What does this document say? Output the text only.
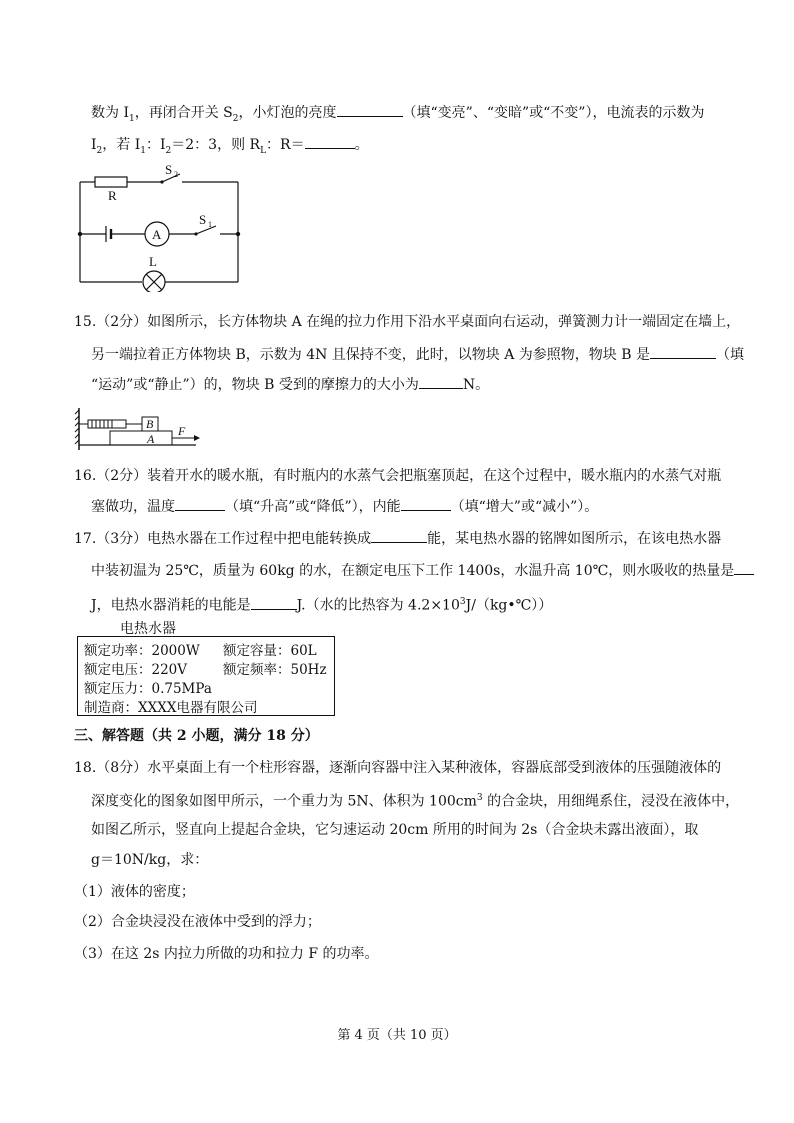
数为 $I_1$，再闭合开关 $S_2$，小灯泡的亮度	（填“变亮”、“变暗”或“不变”），电流表的示数为
$I_2$，若 $I_1$：$I_2=2$：3，则 $R_L$：R＝	。
R
S 2
A
S 1
L
15.（2分）如图所示，长方体物块 A 在绳的拉力作用下沿水平桌面向右运动，弹簧测力计一端固定在墙上，
另一端拉着正方体物块 B，示数为 4N 且保持不变，此时，以物块 A 为参照物，物块 B 是	（填
“运动”或“静止”）的，物块 B 受到的摩擦力的大小为	N。
B
A
F
16.（2分）装着开水的暖水瓶，有时瓶内的水蒸气会把瓶塞顶起，在这个过程中，暖水瓶内的水蒸气对瓶
塞做功，温度	（填“升高”或“降低”），内能	（填“增大”或“减小”）。
17.（3分）电热水器在工作过程中把电能转换成	能，某电热水器的铭牌如图所示，在该电热水器
中装初温为 25℃，质量为 60kg 的水，在额定电压下工作 1400s，水温升高 10℃，则水吸收的热量是
J，电热水器消耗的电能是	J.（水的比热容为 $4.2\times 10^3J/(kg•℃)$）
电热水器
额定功率：2000W 额定容量：60L
额定电压：220V	额定频率：50Hz
额定压力：0.75MPa
制造商：XXXX电器有限公司
三、解答题（共 2 小题，满分 18 分）
18.（8分）水平桌面上有一个柱形容器，逐渐向容器中注入某种液体，容器底部受到液体的压强随液体的
深度变化的图象如图甲所示，一个重力为 5N、体积为 $100cm^3$ 的合金块，用细绳系住，浸没在液体中，
如图乙所示，竖直向上提起合金块，它匀速运动 20cm 所用的时间为 2s（合金块未露出液面），取
g＝10N/kg，求：
（1）液体的密度；
（2）合金块浸没在液体中受到的浮力；
（3）在这 2s 内拉力所做的功和拉力 F 的功率。
第 4 页（共 10 页）
